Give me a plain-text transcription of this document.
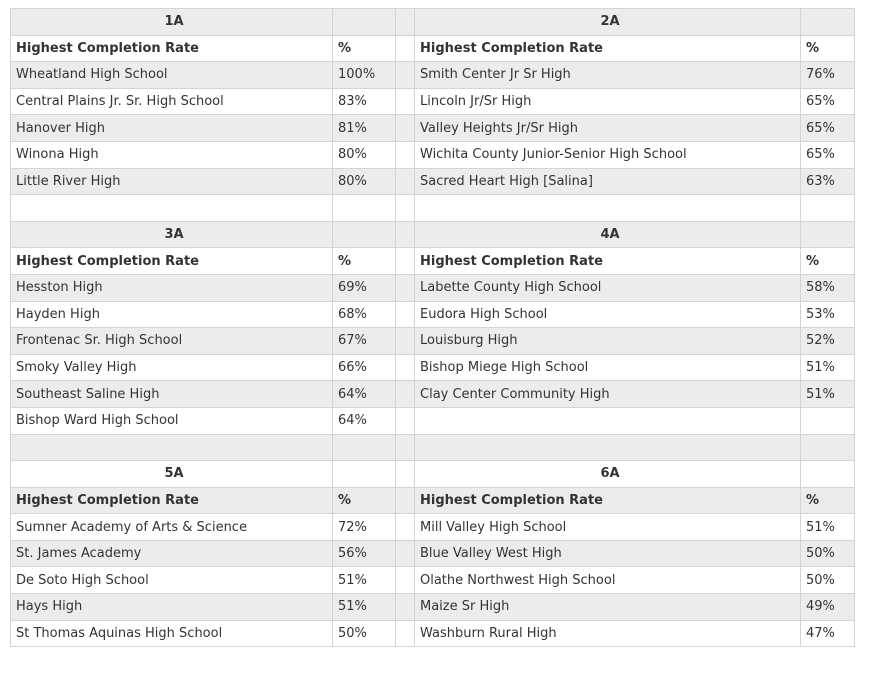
1A			2A	
Highest Completion Rate	%		Highest Completion Rate	%
Wheatland High School	100%		Smith Center Jr Sr High	76%
Central Plains Jr. Sr. High School	83%		Lincoln Jr/Sr High	65%
Hanover High	81%		Valley Heights Jr/Sr High	65%
Winona High	80%		Wichita County Junior-Senior High School	65%
Little River High	80%		Sacred Heart High [Salina]	63%

3A			4A	
Highest Completion Rate	%		Highest Completion Rate	%
Hesston High	69%		Labette County High School	58%
Hayden High	68%		Eudora High School	53%
Frontenac Sr. High School	67%		Louisburg High	52%
Smoky Valley High	66%		Bishop Miege High School	51%
Southeast Saline High	64%		Clay Center Community High	51%
Bishop Ward High School	64%			

5A			6A	
Highest Completion Rate	%		Highest Completion Rate	%
Sumner Academy of Arts & Science	72%		Mill Valley High School	51%
St. James Academy	56%		Blue Valley West High	50%
De Soto High School	51%		Olathe Northwest High School	50%
Hays High	51%		Maize Sr High	49%
St Thomas Aquinas High School	50%		Washburn Rural High	47%
